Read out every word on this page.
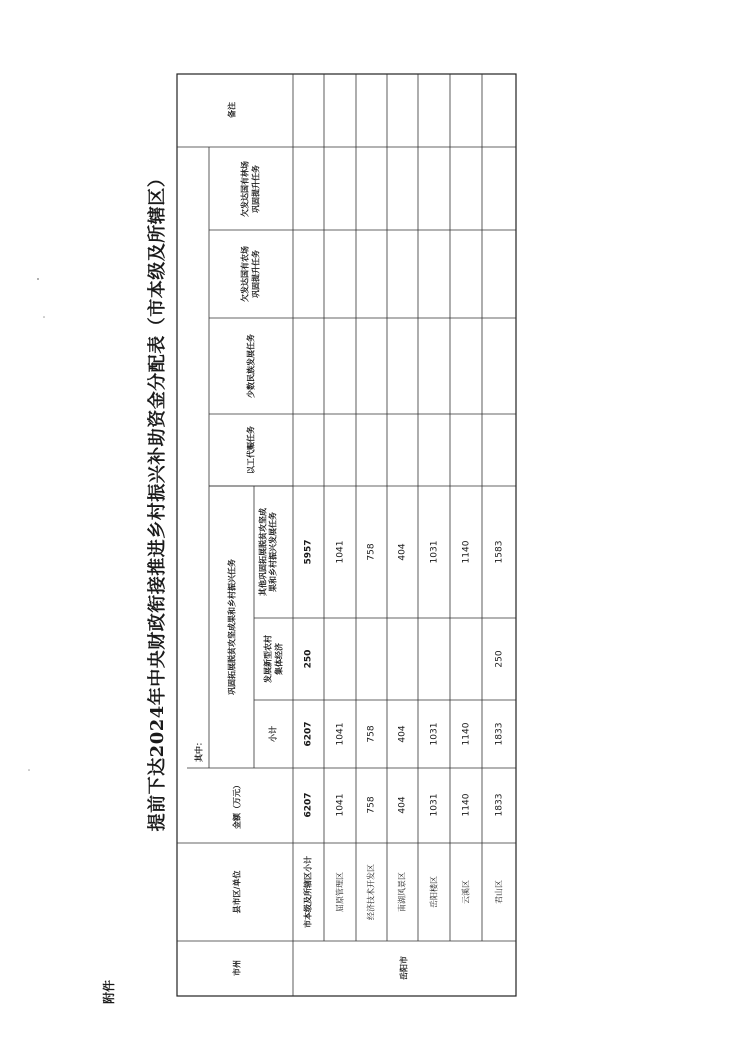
附件
提前下达2024年中央财政衔接推进乡村振兴补助资金分配表（市本级及所辖区）
市州
县市区/单位
金额（万元）
其中：
巩固拓展脱贫攻坚成果和乡村振兴任务
小计
发展新型农村 集体经济
其他巩固拓展脱贫攻坚成 果和乡村振兴发展任务
以工代赈任务
少数民族发展任务
欠发达国有农场 巩固提升任务
欠发达国有林场 巩固提升任务
备注
岳阳市
市本级及所辖区小计
6207
6207
250
5957
屈原管理区
1041
1041
1041
经济技术开发区
758
758
758
南湖风景区
404
404
404
岳阳楼区
1031
1031
1031
云溪区
1140
1140
1140
君山区
1833
1833
250
1583
